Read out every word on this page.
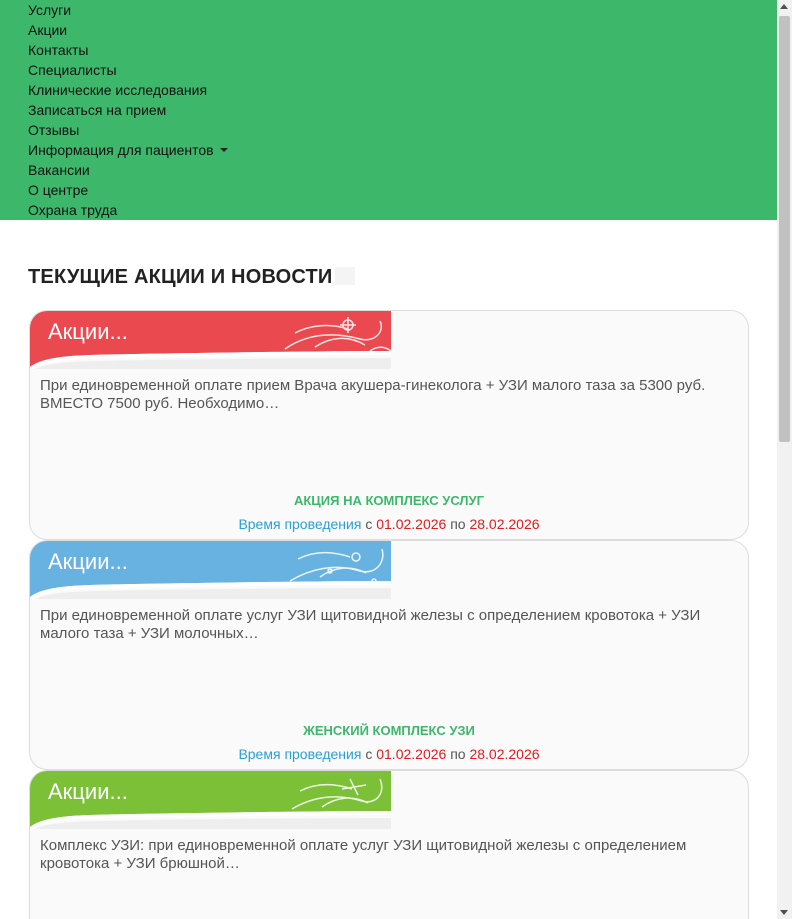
Услуги
Акции
Контакты
Специалисты
Клинические исследования
Записаться на прием
Отзывы
Информация для пациентов
Вакансии
О центре
Охрана труда
ТЕКУЩИЕ АКЦИИ И НОВОСТИ
Акции...

При единовременной оплате прием Врача акушера-гинеколога + УЗИ малого таза за 5300 руб. ВМЕСТО 7500 руб. Необходимо…

АКЦИЯ НА КОМПЛЕКС УСЛУГ
Время проведения с 01.02.2026 по 28.02.2026
Акции...

При единовременной оплате услуг УЗИ щитовидной железы с определением кровотока + УЗИ малого таза + УЗИ молочных…

ЖЕНСКИЙ КОМПЛЕКС УЗИ
Время проведения с 01.02.2026 по 28.02.2026
Акции...

Комплекс УЗИ: при единовременной оплате услуг УЗИ щитовидной железы с определением кровотока + УЗИ брюшной…
